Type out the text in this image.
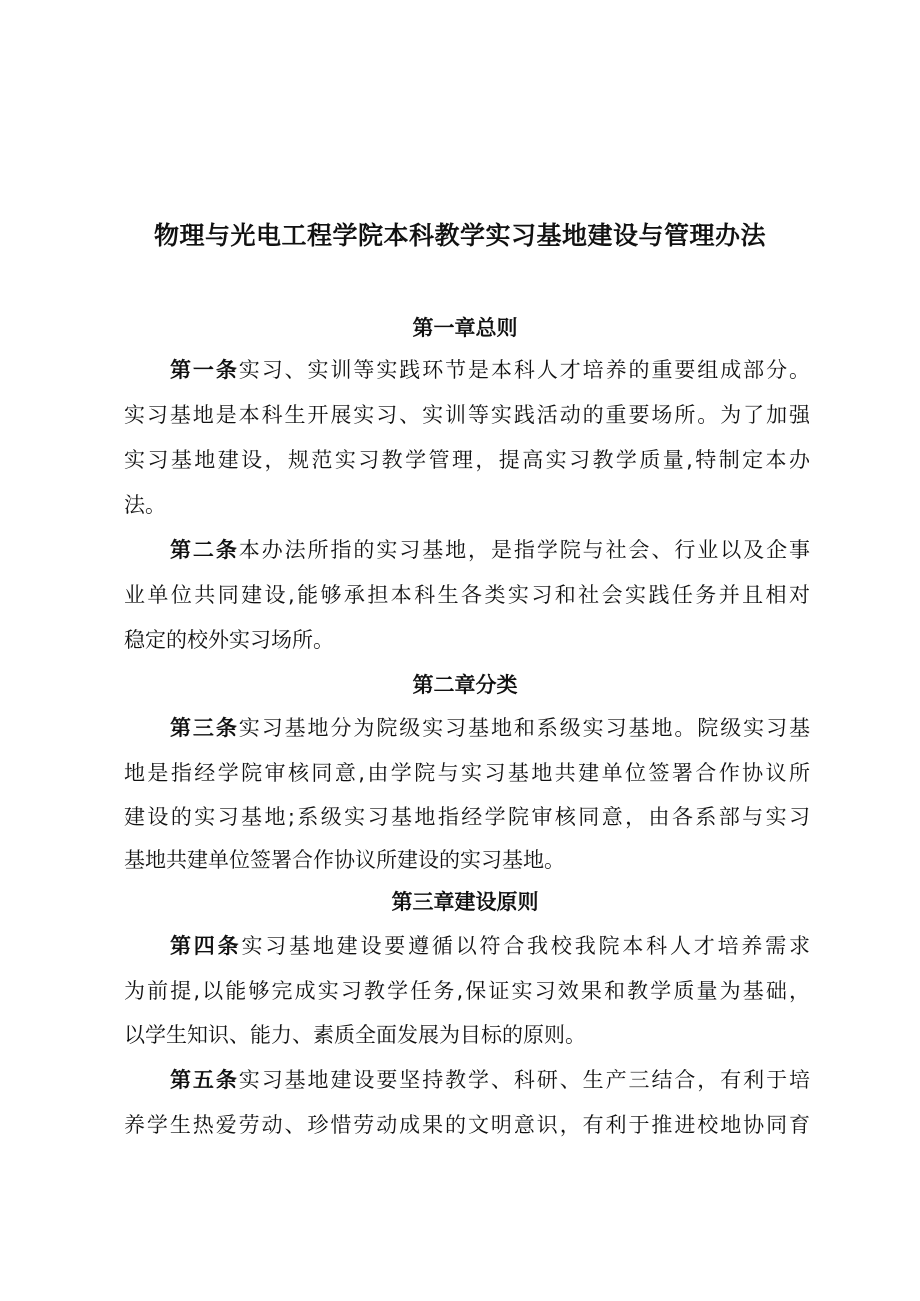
物理与光电工程学院本科教学实习基地建设与管理办法
第一章总则
第一条实习、实训等实践环节是本科人才培养的重要组成部分。
实习基地是本科生开展实习、实训等实践活动的重要场所。为了加强
实习基地建设，规范实习教学管理，提高实习教学质量,特制定本办
法。
第二条本办法所指的实习基地，是指学院与社会、行业以及企事
业单位共同建设,能够承担本科生各类实习和社会实践任务并且相对
稳定的校外实习场所。
第二章分类
第三条实习基地分为院级实习基地和系级实习基地。院级实习基
地是指经学院审核同意,由学院与实习基地共建单位签署合作协议所
建设的实习基地;系级实习基地指经学院审核同意，由各系部与实习
基地共建单位签署合作协议所建设的实习基地。
第三章建设原则
第四条实习基地建设要遵循以符合我校我院本科人才培养需求
为前提,以能够完成实习教学任务,保证实习效果和教学质量为基础，
以学生知识、能力、素质全面发展为目标的原则。
第五条实习基地建设要坚持教学、科研、生产三结合，有利于培
养学生热爱劳动、珍惜劳动成果的文明意识，有利于推进校地协同育
